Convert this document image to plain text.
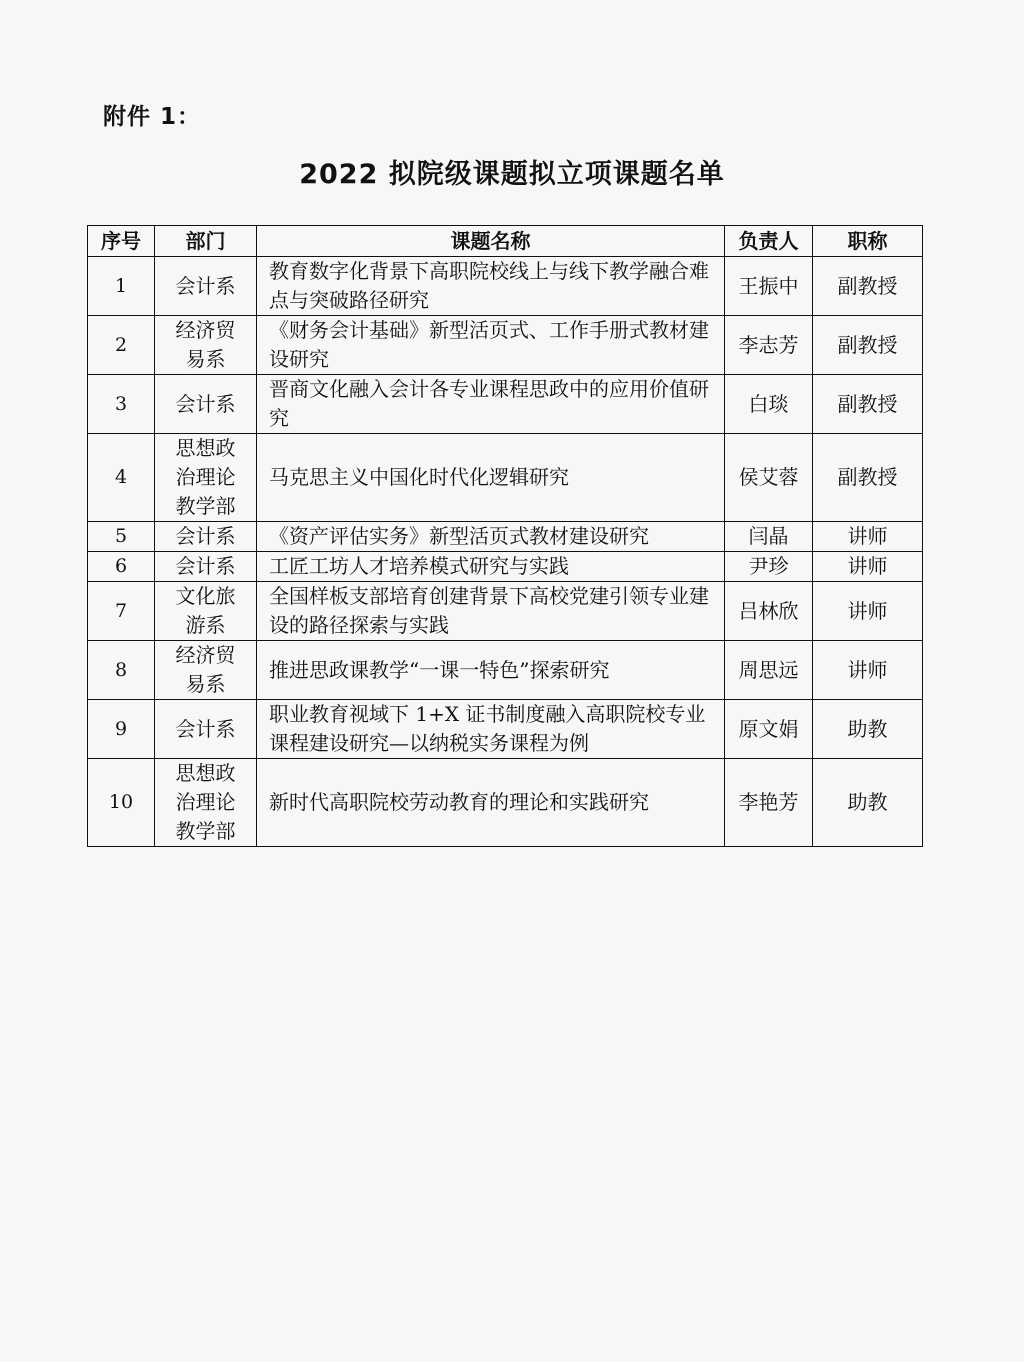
附件 1：
2022 拟院级课题拟立项课题名单
序号	部门	课题名称	负责人	职称
1	会计系	教育数字化背景下高职院校线上与线下教学融合难点与突破路径研究	王振中	副教授
2	经济贸易系	《财务会计基础》新型活页式、工作手册式教材建设研究	李志芳	副教授
3	会计系	晋商文化融入会计各专业课程思政中的应用价值研究	白琰	副教授
4	思想政治理论教学部	马克思主义中国化时代化逻辑研究	侯艾蓉	副教授
5	会计系	《资产评估实务》新型活页式教材建设研究	闫晶	讲师
6	会计系	工匠工坊人才培养模式研究与实践	尹珍	讲师
7	文化旅游系	全国样板支部培育创建背景下高校党建引领专业建设的路径探索与实践	吕林欣	讲师
8	经济贸易系	推进思政课教学“一课一特色”探索研究	周思远	讲师
9	会计系	职业教育视域下 1+X 证书制度融入高职院校专业课程建设研究—以纳税实务课程为例	原文娟	助教
10	思想政治理论教学部	新时代高职院校劳动教育的理论和实践研究	李艳芳	助教
